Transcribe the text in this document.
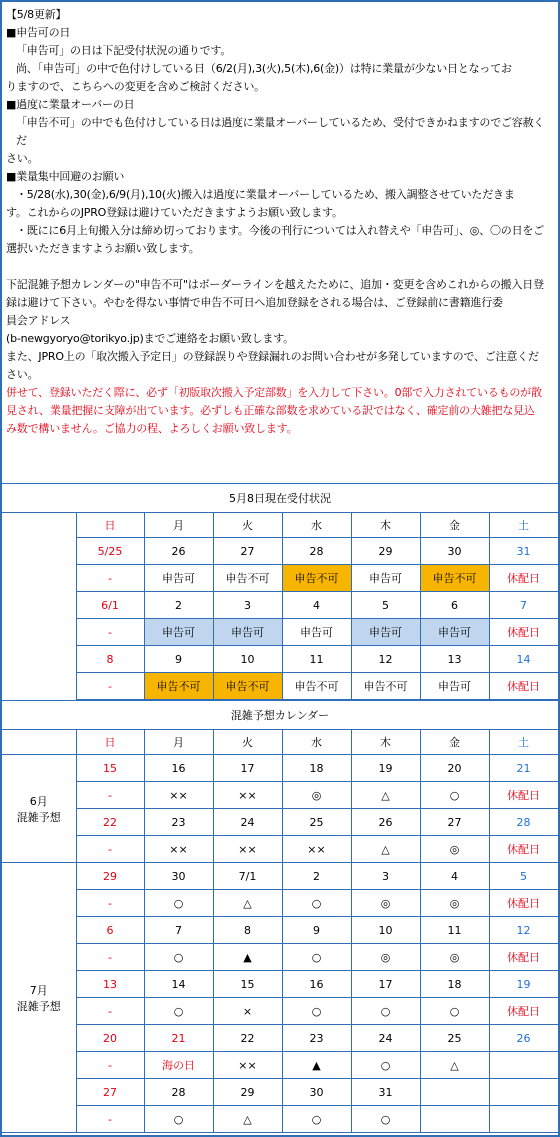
【5/8更新】

■申告可の日

「申告可」の日は下記受付状況の通りです。

尚、「申告可」の中で色付けしている日（6/2(月),3(火),5(木),6(金)）は特に業量が少ない日となってお

りますので、こちらへの変更を含めご検討ください。

■過度に業量オーバーの日

「申告不可」の中でも色付けしている日は過度に業量オーバーしているため、受付できかねますのでご容赦くだ

さい。

■業量集中回避のお願い

・5/28(水),30(金),6/9(月),10(火)搬入は過度に業量オーバーしているため、搬入調整させていただきま

す。これからのJPRO登録は避けていただきますようお願い致します。

・既にに6月上旬搬入分は締め切っております。今後の刊行については入れ替えや「申告可」、◎、〇の日をご

選択いただきますようお願い致します。

下記混雑予想カレンダーの"申告不可"はボーダーラインを越えたために、追加・変更を含めこれからの搬入日登

録は避けて下さい。やむを得ない事情で申告不可日へ追加登録をされる場合は、ご登録前に書籍進行委

員会アドレス

(b-newgyoryo@torikyo.jp)までご連絡をお願い致します。

また、JPRO上の「取次搬入予定日」の登録誤りや登録漏れのお問い合わせが多発していますので、ご注意くだ

さい。

併せて、登録いただく際に、必ず「初版取次搬入予定部数」を入力して下さい。0部で入力されているものが散

見され、業量把握に支障が出ています。必ずしも正確な部数を求めている訳ではなく、確定前の大雑把な見込

み数で構いません。ご協力の程、よろしくお願い致します。

5月8日現在受付状況							
	日	月	火	水	木	金	土
	5/25	26	27	28	29	30	31
	-	申告可	申告不可	申告不可	申告可	申告不可	休配日
	6/1	2	3	4	5	6	7
	-	申告可	申告可	申告可	申告可	申告可	休配日
	8	9	10	11	12	13	14
	-	申告不可	申告不可	申告不可	申告不可	申告可	休配日
混雑予想カレンダー							
	日	月	火	水	木	金	土

6月
混雑予想	15	16	17	18	19	20	21
	-	××	××	◎	△	○	休配日
	22	23	24	25	26	27	28
	-	××	××	××	△	◎	休配日

7月
混雑予想	29	30	7/1	2	3	4	5
	-	○	△	○	◎	◎	休配日
	6	7	8	9	10	11	12
	-	○	▲	○	◎	◎	休配日
	13	14	15	16	17	18	19
	-	○	×	○	○	○	休配日
	20	21	22	23	24	25	26
	-	海の日	××	▲	○	△	
	27	28	29	30	31		
	-	○	△	○	○		
